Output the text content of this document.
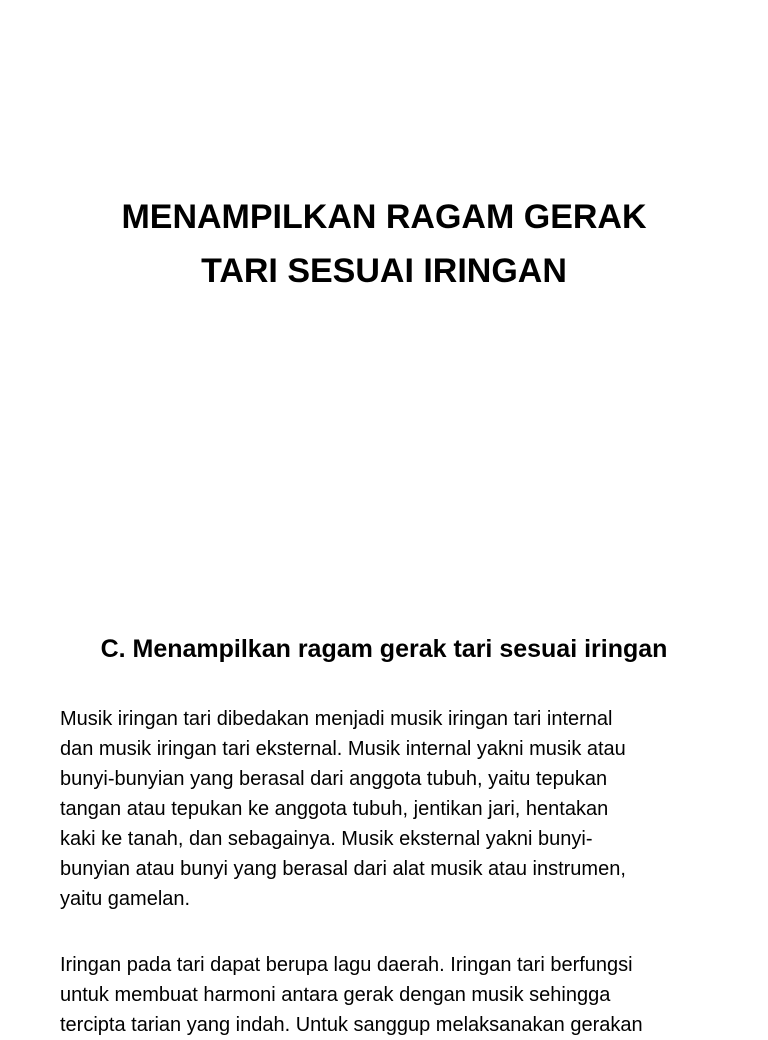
MENAMPILKAN RAGAM GERAK
TARI SESUAI IRINGAN
C. Menampilkan ragam gerak tari sesuai iringan
Musik iringan tari dibedakan menjadi musik iringan tari internal
dan musik iringan tari eksternal. Musik internal yakni musik atau
bunyi-bunyian yang berasal dari anggota tubuh, yaitu tepukan
tangan atau tepukan ke anggota tubuh, jentikan jari, hentakan
kaki ke tanah, dan sebagainya. Musik eksternal yakni bunyi-
bunyian atau bunyi yang berasal dari alat musik atau instrumen,
yaitu gamelan.
Iringan pada tari dapat berupa lagu daerah. Iringan tari berfungsi
untuk membuat harmoni antara gerak dengan musik sehingga
tercipta tarian yang indah. Untuk sanggup melaksanakan gerakan
